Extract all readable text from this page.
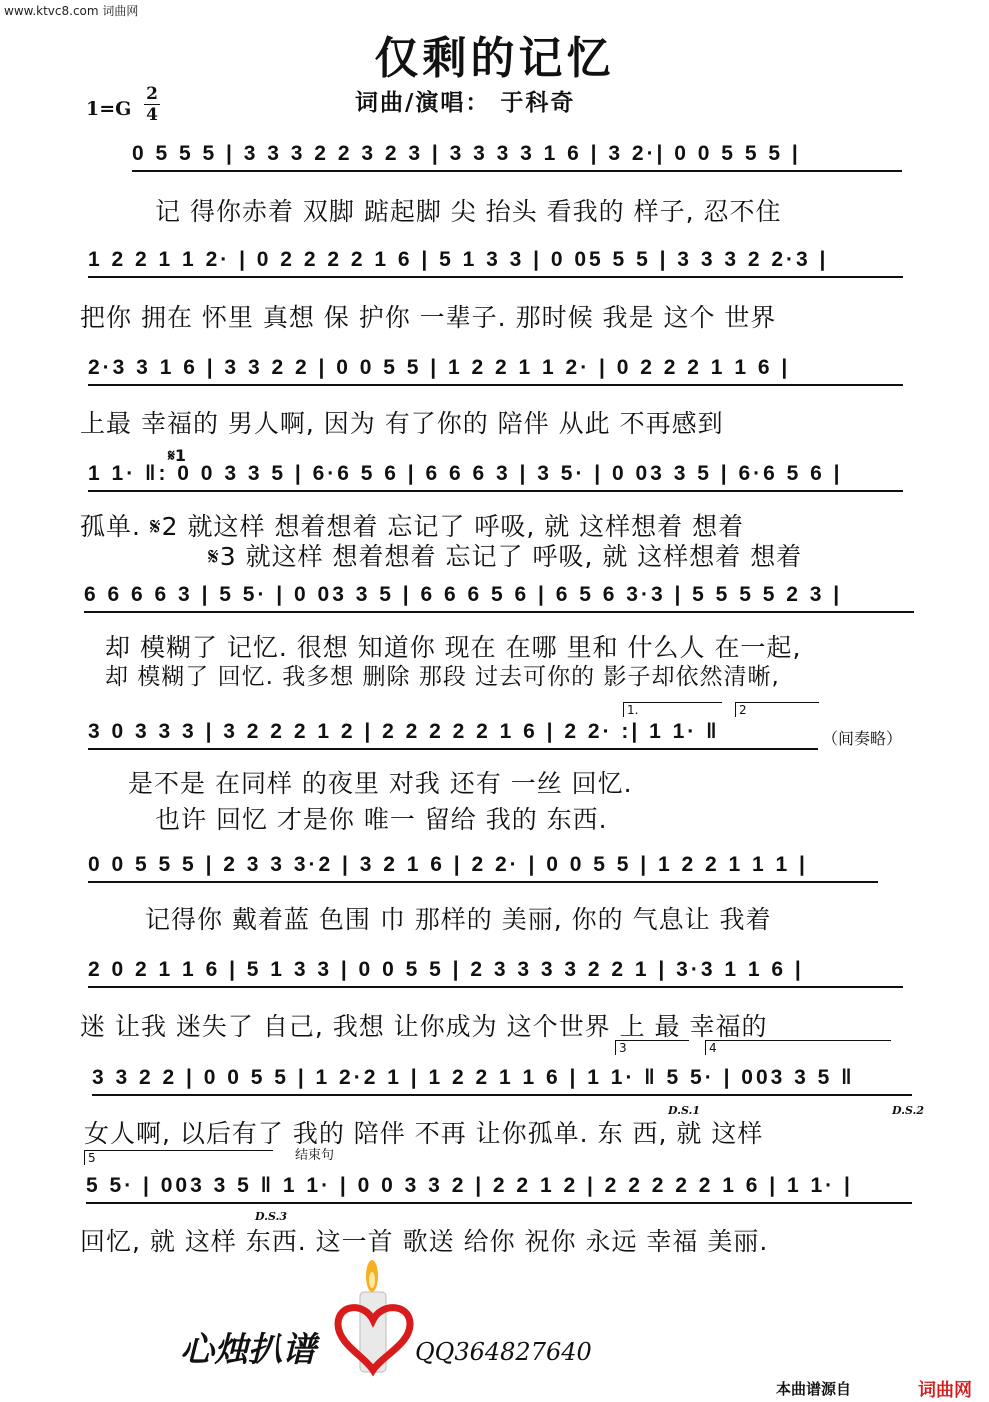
www.ktvc8.com 词曲网
仅剩的记忆
词曲/演唱： 于科奇
1=G
2
4
0 5 5 5 | 3 3 3 2 2 3 2 3 | 3 3 3 3 1 6 | 3 2·| 0 0 5 5 5 |
记 得你赤着 双脚 踮起脚 尖 抬头 看我的 样子, 忍不住
1 2 2 1 1 2· | 0 2 2 2 2 1 6 | 5 1 3 3 | 0 05 5 5 | 3 3 3 2 2·3 |
把你 拥在 怀里 真想 保 护你 一辈子. 那时候 我是 这个 世界
2·3 3 1 6 | 3 3 2 2 | 0 0 5 5 | 1 2 2 1 1 2· | 0 2 2 2 1 1 6 |
上最 幸福的 男人啊, 因为 有了你的 陪伴 从此 不再感到
𝄋1
1 1· ‖: 0 0 3 3 5 | 6·6 5 6 | 6 6 6 3 | 3 5· | 0 03 3 5 | 6·6 5 6 |
孤单. 𝄋2 就这样 想着想着 忘记了 呼吸, 就 这样想着 想着
𝄋3 就这样 想着想着 忘记了 呼吸, 就 这样想着 想着
6 6 6 6 3 | 5 5· | 0 03 3 5 | 6 6 6 5 6 | 6 5 6 3·3 | 5 5 5 5 2 3 |
却 模糊了 记忆. 很想 知道你 现在 在哪 里和 什么人 在一起,
却 模糊了 回忆. 我多想 删除 那段 过去可你的 影子却依然清晰,
1.	2
3 0 3 3 3 | 3 2 2 2 1 2 | 2 2 2 2 2 1 6 | 2 2· :| 1 1· ‖	（间奏略）
是不是 在同样 的夜里 对我 还有 一丝 回忆.
也许 回忆 才是你 唯一 留给 我的 东西.
0 0 5 5 5 | 2 3 3 3·2 | 3 2 1 6 | 2 2· | 0 0 5 5 | 1 2 2 1 1 1 |
记得你 戴着蓝 色围 巾 那样的 美丽, 你的 气息让 我着
2 0 2 1 1 6 | 5 1 3 3 | 0 0 5 5 | 2 3 3 3 3 2 2 1 | 3·3 1 1 6 |
迷 让我 迷失了 自己, 我想 让你成为 这个世界 上 最 幸福的
3	4
3 3 2 2 | 0 0 5 5 | 1 2·2 1 | 1 2 2 1 1 6 | 1 1· ‖ 5 5· | 003 3 5 ‖
D.S.1	D.S.2
女人啊, 以后有了 我的 陪伴 不再 让你孤单. 东 西, 就 这样
5	结束句
5 5· | 003 3 5 ‖ 1 1· | 0 0 3 3 2 | 2 2 1 2 | 2 2 2 2 2 1 6 | 1 1· |
D.S.3
回忆, 就 这样 东西. 这一首 歌送 给你 祝你 永远 幸福 美丽.
心烛扒谱	QQ364827640
本曲谱源自	词曲网
